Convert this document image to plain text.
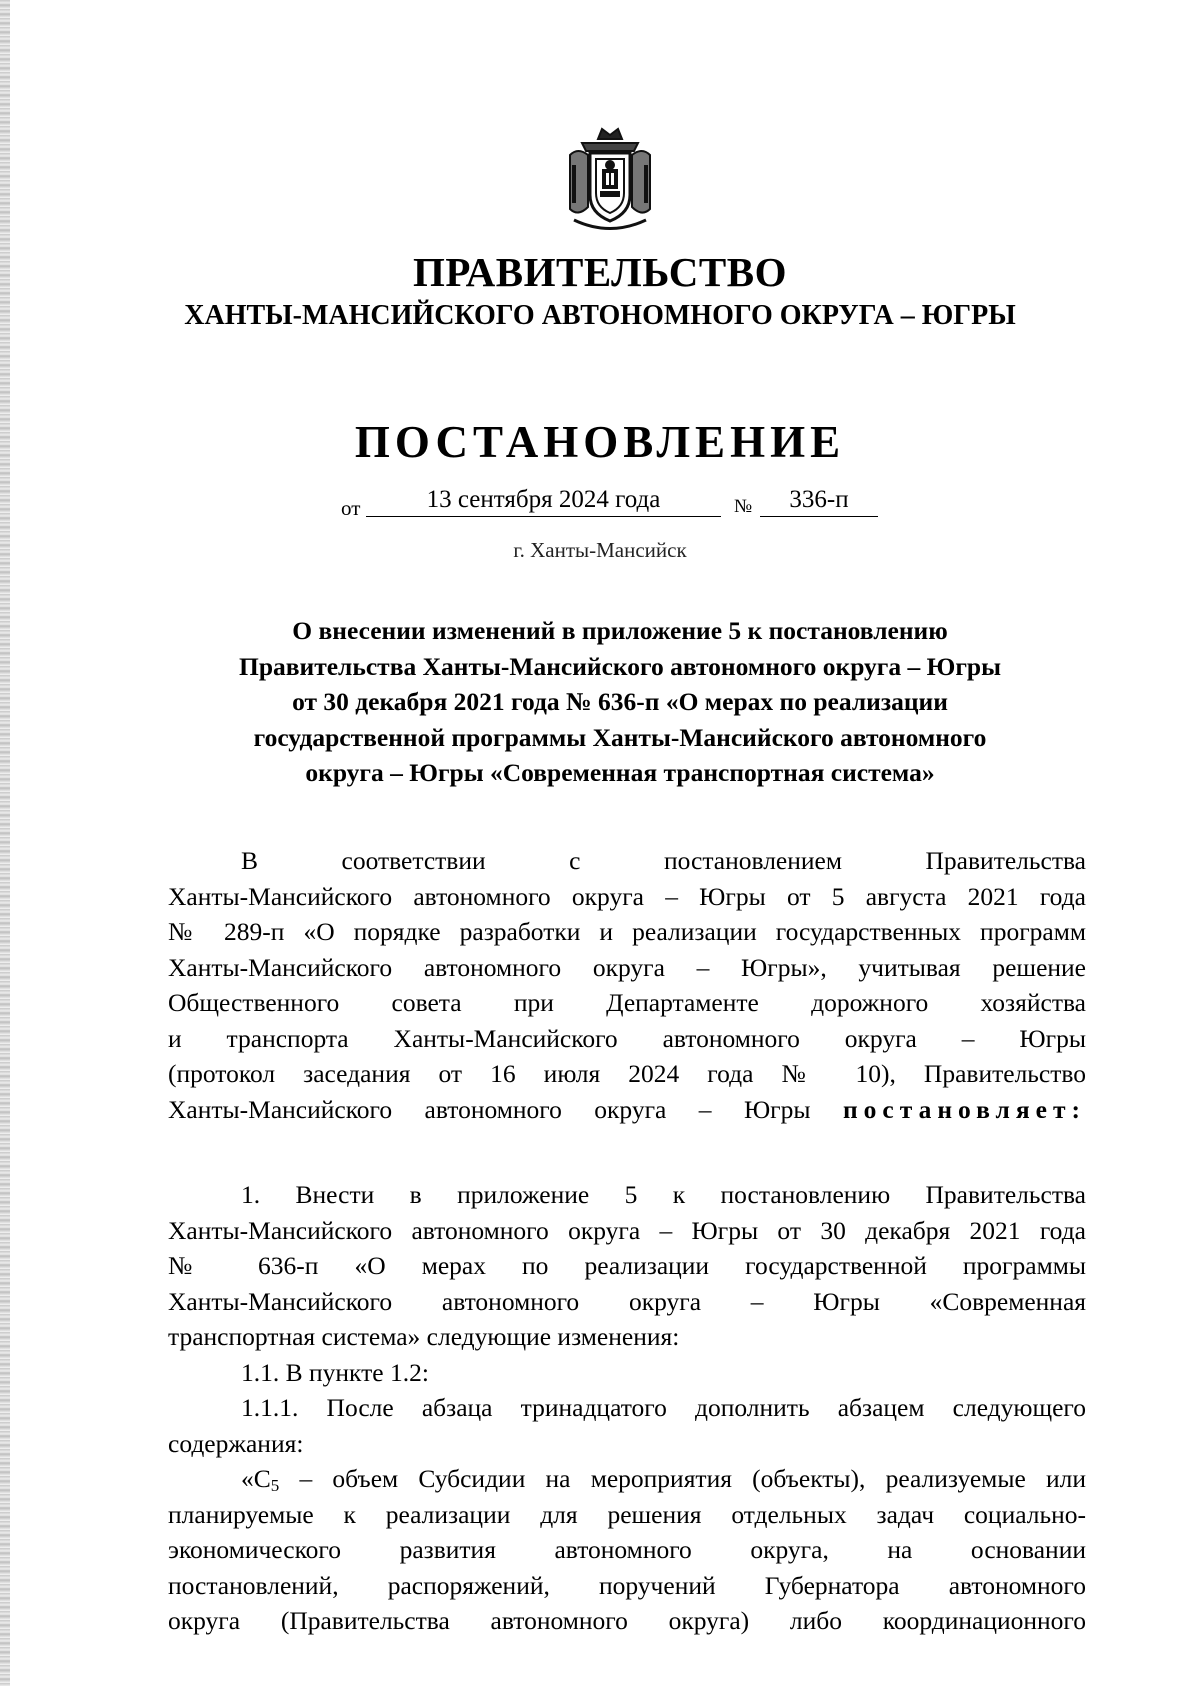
ПРАВИТЕЛЬСТВО
ХАНТЫ-МАНСИЙСКОГО АВТОНОМНОГО ОКРУГА – ЮГРЫ
ПОСТАНОВЛЕНИЕ
от	13 сентября 2024 года	№	336-п
г. Ханты-Мансийск
О внесении изменений в приложение 5 к постановлению
Правительства Ханты-Мансийского автономного округа – Югры
от 30 декабря 2021 года № 636-п «О мерах по реализации
государственной программы Ханты-Мансийского автономного
округа – Югры «Современная транспортная система»
В соответствии с постановлением Правительства
Ханты-Мансийского автономного округа – Югры от 5 августа 2021 года
№ 289-п «О порядке разработки и реализации государственных программ
Ханты-Мансийского автономного округа – Югры», учитывая решение
Общественного совета при Департаменте дорожного хозяйства
и транспорта Ханты-Мансийского автономного округа – Югры
(протокол заседания от 16 июля 2024 года № 10), Правительство
Ханты-Мансийского автономного округа – Югры постановляет:
1. Внести в приложение 5 к постановлению Правительства
Ханты-Мансийского автономного округа – Югры от 30 декабря 2021 года
№ 636-п «О мерах по реализации государственной программы
Ханты-Мансийского автономного округа – Югры «Современная
транспортная система» следующие изменения:
1.1. В пункте 1.2:
1.1.1. После абзаца тринадцатого дополнить абзацем следующего
содержания:
«$C_5$ – объем Субсидии на мероприятия (объекты), реализуемые или
планируемые к реализации для решения отдельных задач социально-
экономического развития автономного округа, на основании
постановлений, распоряжений, поручений Губернатора автономного
округа (Правительства автономного округа) либо координационного
